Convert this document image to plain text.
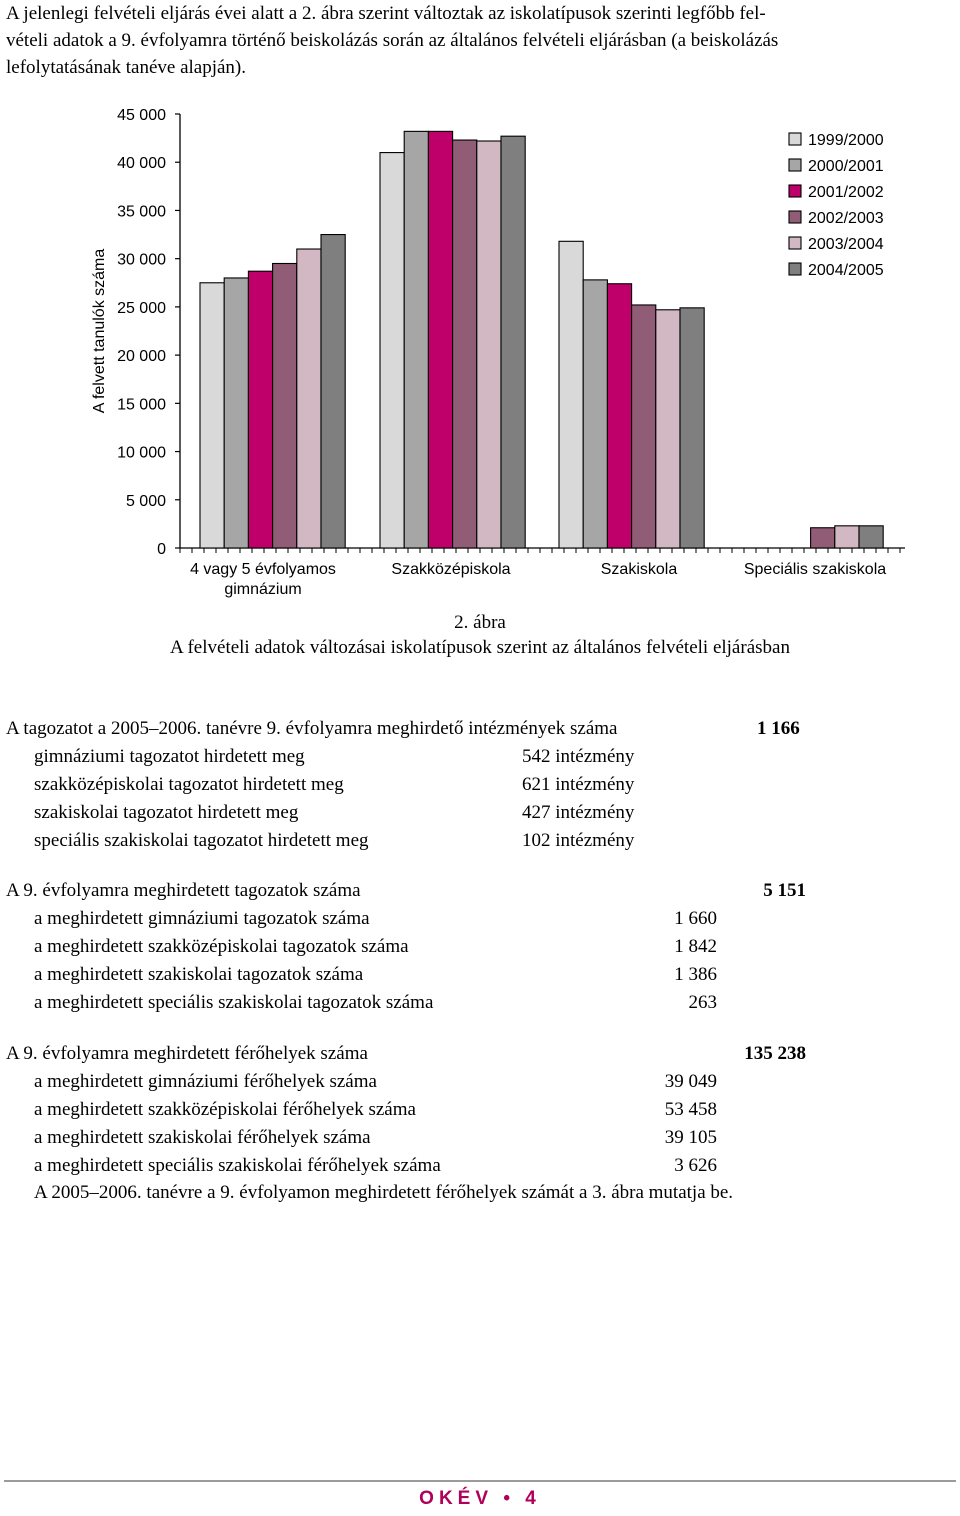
A jelenlegi felvételi eljárás évei alatt a 2. ábra szerint változtak az iskolatípusok szerinti legfőbb fel-

vételi adatok a 9. évfolyamra történő beiskolázás során az általános felvételi eljárásban (a beiskolázás

lefolytatásának tanéve alapján).

45 000
40 000
35 000
30 000
25 000
20 000
15 000
10 000
5 000
0
A felvett tanulók száma
4 vagy 5 évfolyamos
gimnázium
Szakközépiskola	Szakiskola	Speciális szakiskola
1999/2000
2000/2001
2001/2002
2002/2003
2003/2004
2004/2005
2. ábra
A felvételi adatok változásai iskolatípusok szerint az általános felvételi eljárásban
A tagozatot a 2005–2006. tanévre 9. évfolyamra meghirdető intézmények száma	1 166
gimnáziumi tagozatot hirdetett meg	542 intézmény
szakközépiskolai tagozatot hirdetett meg	621 intézmény
szakiskolai tagozatot hirdetett meg	427 intézmény
speciális szakiskolai tagozatot hirdetett meg	102 intézmény
A 9. évfolyamra meghirdetett tagozatok száma	5 151
a meghirdetett gimnáziumi tagozatok száma	1 660
a meghirdetett szakközépiskolai tagozatok száma	1 842
a meghirdetett szakiskolai tagozatok száma	1 386
a meghirdetett speciális szakiskolai tagozatok száma	263
A 9. évfolyamra meghirdetett férőhelyek száma	135 238
a meghirdetett gimnáziumi férőhelyek száma	39 049
a meghirdetett szakközépiskolai férőhelyek száma	53 458
a meghirdetett szakiskolai férőhelyek száma	39 105
a meghirdetett speciális szakiskolai férőhelyek száma	3 626
A 2005–2006. tanévre a 9. évfolyamon meghirdetett férőhelyek számát a 3. ábra mutatja be.
OKÉV • 4
